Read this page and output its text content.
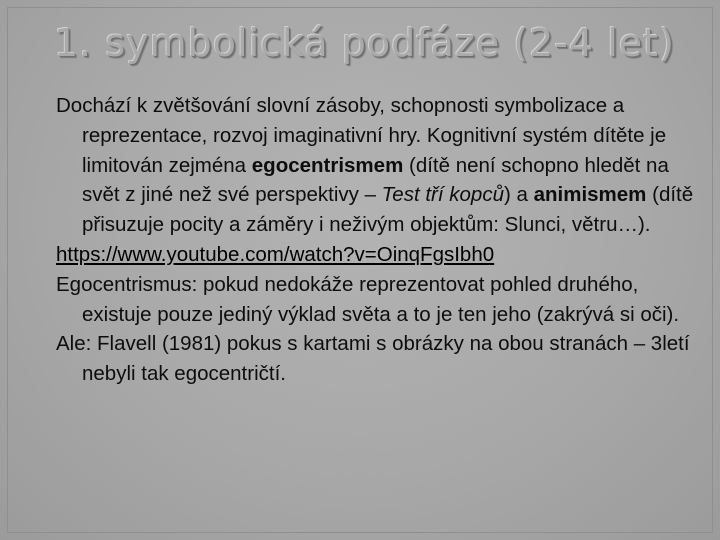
1. symbolická podfáze (2-4 let)

Dochází k zvětšování slovní zásoby, schopnosti symbolizace a reprezentace, rozvoj imaginativní hry. Kognitivní systém dítěte je limitován zejména egocentrismem (dítě není schopno hledět na svět z jiné než své perspektivy – Test tří kopců) a animismem (dítě přisuzuje pocity a záměry i neživým objektům: Slunci, větru…).

https://www.youtube.com/watch?v=OinqFgsIbh0

Egocentrismus: pokud nedokáže reprezentovat pohled druhého, existuje pouze jediný výklad světa a to je ten jeho (zakrývá si oči).

Ale: Flavell (1981) pokus s kartami s obrázky na obou stranách – 3letí nebyli tak egocentričtí.
